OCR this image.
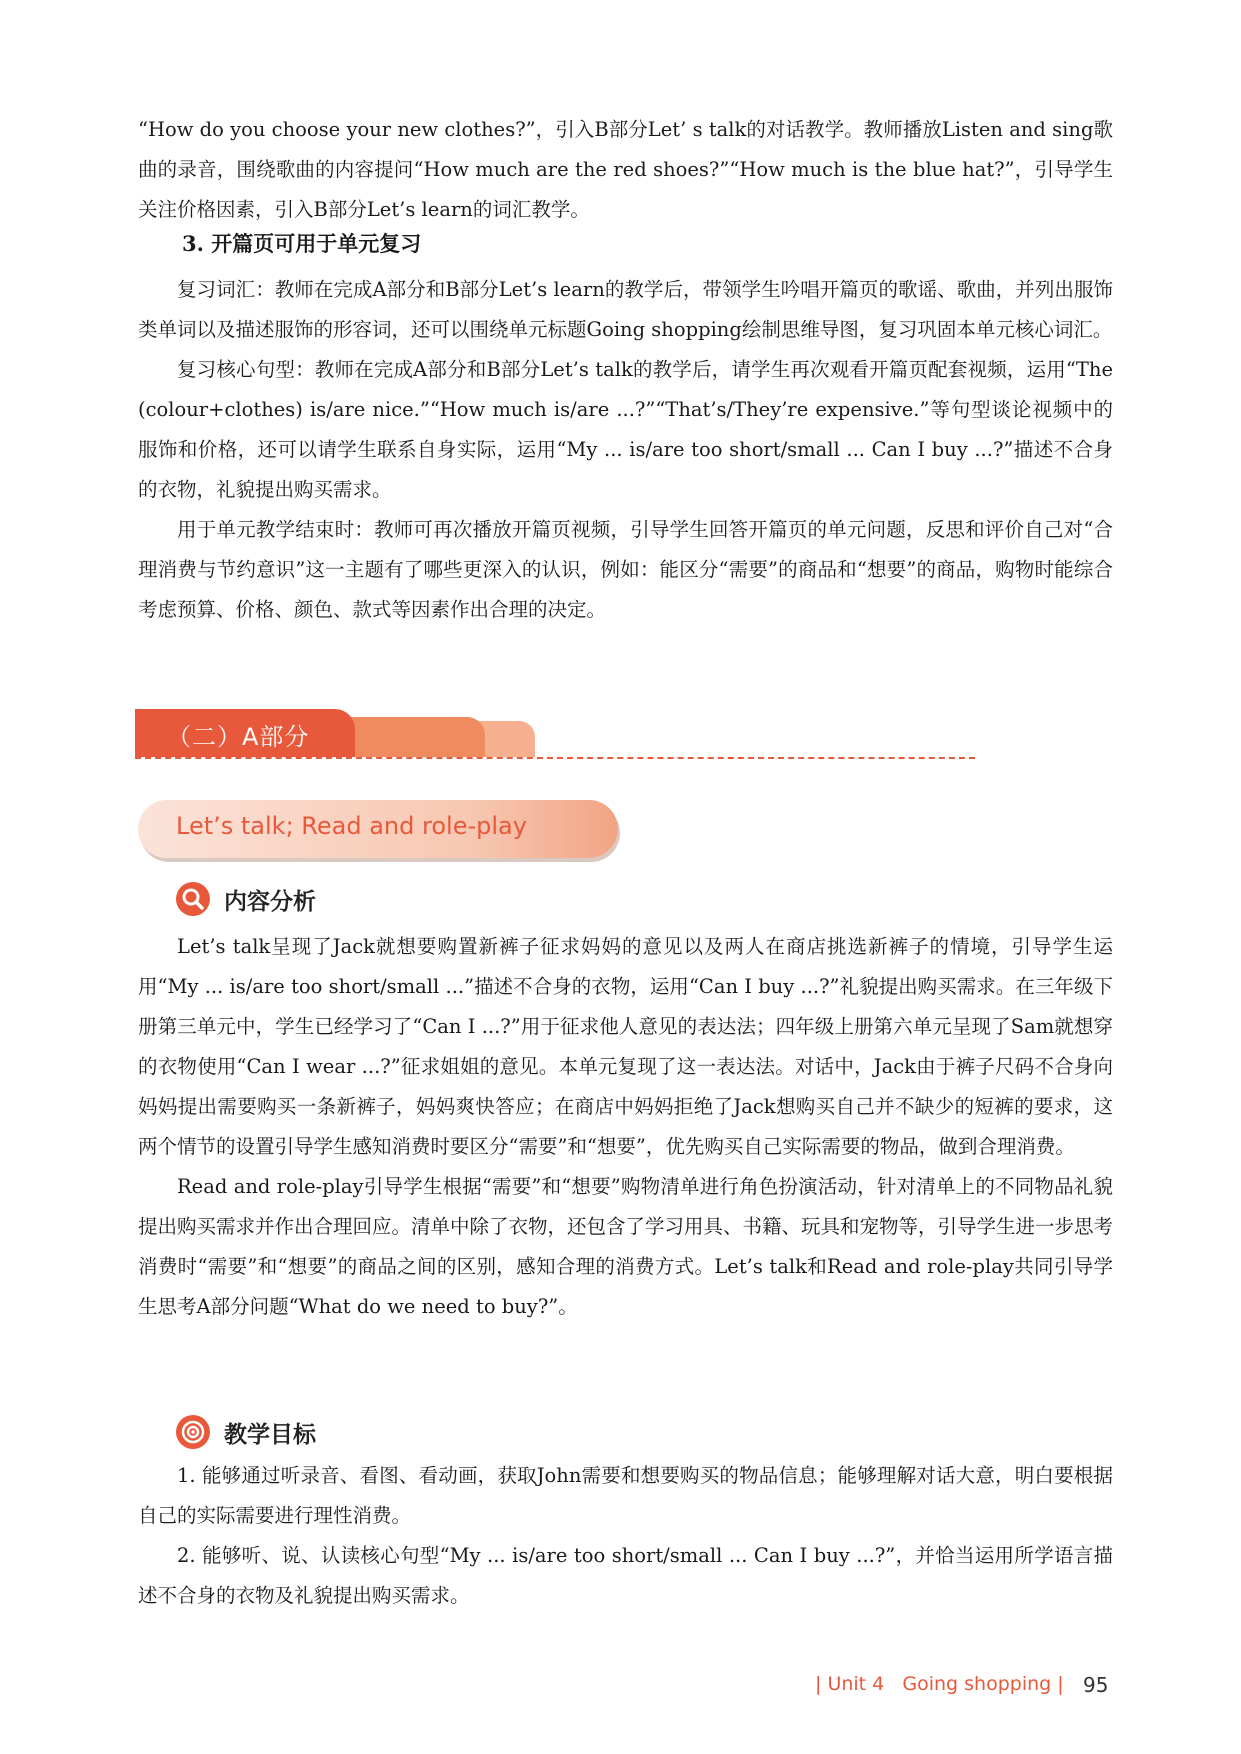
“How do you choose your new clothes?”，引入B部分Let’ s talk的对话教学。教师播放Listen and sing歌曲的录音，围绕歌曲的内容提问“How much are the red shoes?”“How much is the blue hat?”，引导学生关注价格因素，引入B部分Let’s learn的词汇教学。

3. 开篇页可用于单元复习

复习词汇：教师在完成A部分和B部分Let’s learn的教学后，带领学生吟唱开篇页的歌谣、歌曲，并列出服饰类单词以及描述服饰的形容词，还可以围绕单元标题Going shopping绘制思维导图，复习巩固本单元核心词汇。

复习核心句型：教师在完成A部分和B部分Let’s talk的教学后，请学生再次观看开篇页配套视频，运用“The (colour+clothes) is/are nice.”“How much is/are ...?”“That’s/They’re expensive.”等句型谈论视频中的服饰和价格，还可以请学生联系自身实际，运用“My ... is/are too short/small ... Can I buy ...?”描述不合身的衣物，礼貌提出购买需求。

用于单元教学结束时：教师可再次播放开篇页视频，引导学生回答开篇页的单元问题，反思和评价自己对“合理消费与节约意识”这一主题有了哪些更深入的认识，例如：能区分“需要”的商品和“想要”的商品，购物时能综合考虑预算、价格、颜色、款式等因素作出合理的决定。

（二）A部分
Let’s talk; Read and role-play
内容分析

Let’s talk呈现了Jack就想要购置新裤子征求妈妈的意见以及两人在商店挑选新裤子的情境，引导学生运用“My ... is/are too short/small ...”描述不合身的衣物，运用“Can I buy ...?”礼貌提出购买需求。在三年级下册第三单元中，学生已经学习了“Can I ...?”用于征求他人意见的表达法；四年级上册第六单元呈现了Sam就想穿的衣物使用“Can I wear ...?”征求姐姐的意见。本单元复现了这一表达法。对话中，Jack由于裤子尺码不合身向妈妈提出需要购买一条新裤子，妈妈爽快答应；在商店中妈妈拒绝了Jack想购买自己并不缺少的短裤的要求，这两个情节的设置引导学生感知消费时要区分“需要”和“想要”，优先购买自己实际需要的物品，做到合理消费。

Read and role-play引导学生根据“需要”和“想要”购物清单进行角色扮演活动，针对清单上的不同物品礼貌提出购买需求并作出合理回应。清单中除了衣物，还包含了学习用具、书籍、玩具和宠物等，引导学生进一步思考消费时“需要”和“想要”的商品之间的区别，感知合理的消费方式。Let’s talk和Read and role-play共同引导学生思考A部分问题“What do we need to buy?”。

教学目标

1. 能够通过听录音、看图、看动画，获取John需要和想要购买的物品信息；能够理解对话大意，明白要根据自己的实际需要进行理性消费。

2. 能够听、说、认读核心句型“My ... is/are too short/small ... Can I buy ...?”，并恰当运用所学语言描述不合身的衣物及礼貌提出购买需求。

| Unit 4   Going shopping | 95
